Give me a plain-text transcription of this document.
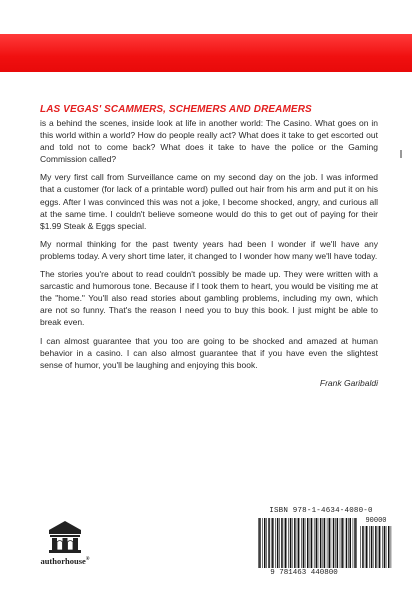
LAS VEGAS' SCAMMERS, SCHEMERS AND DREAMERS

is a behind the scenes, inside look at life in another world: The Casino. What goes on in this world within a world? How do people really act? What does it take to get escorted out and told not to come back? What does it take to have the police or the Gaming Commission called?

My very first call from Surveillance came on my second day on the job. I was informed that a customer (for lack of a printable word) pulled out hair from his arm and put it on his eggs. After I was convinced this was not a joke, I become shocked, angry, and curious all at the same time. I couldn't believe someone would do this to get out of paying for their $1.99 Steak & Eggs special.

My normal thinking for the past twenty years had been I wonder if we'll have any problems today. A very short time later, it changed to I wonder how many we'll have today.

The stories you're about to read couldn't possibly be made up. They were written with a sarcastic and humorous tone. Because if I took them to heart, you would be visiting me at the "home." You'll also read stories about gambling problems, including my own, which are not so funny. That's the reason I need you to buy this book. I just might be able to break even.

I can almost guarantee that you too are going to be shocked and amazed at human behavior in a casino. I can also almost guarantee that if you have even the slightest sense of humor, you'll be laughing and enjoying this book.

Frank Garibaldi
authorhouse®
ISBN 978-1-4634-4080-0
90000
9 781463 440800
